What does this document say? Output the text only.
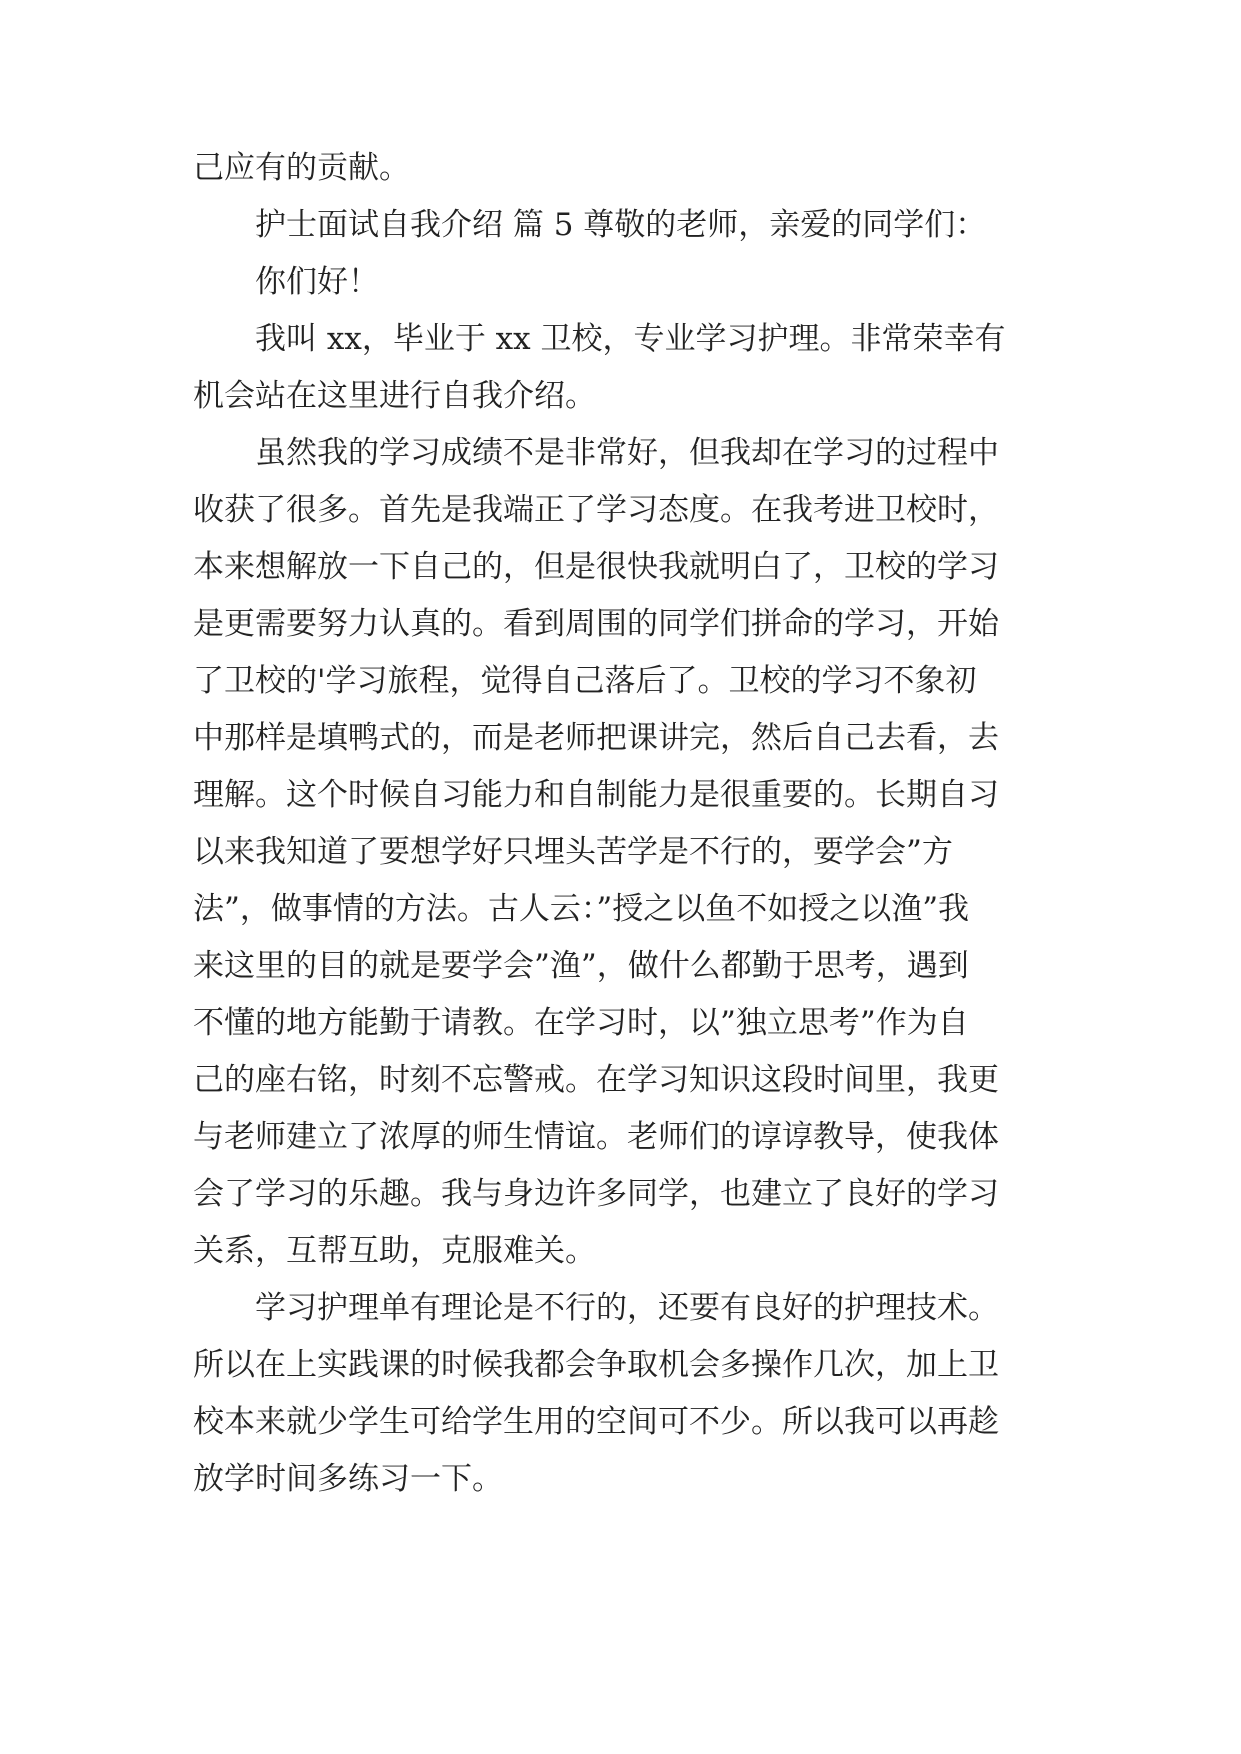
己应有的贡献。
护士面试自我介绍 篇 5 尊敬的老师，亲爱的同学们：
你们好！
我叫 xx，毕业于 xx 卫校，专业学习护理。非常荣幸有
机会站在这里进行自我介绍。
虽然我的学习成绩不是非常好，但我却在学习的过程中
收获了很多。首先是我端正了学习态度。在我考进卫校时，
本来想解放一下自己的，但是很快我就明白了，卫校的学习
是更需要努力认真的。看到周围的同学们拼命的学习，开始
了卫校的'学习旅程，觉得自己落后了。卫校的学习不象初
中那样是填鸭式的，而是老师把课讲完，然后自己去看，去
理解。这个时候自习能力和自制能力是很重要的。长期自习
以来我知道了要想学好只埋头苦学是不行的，要学会”方
法”，做事情的方法。古人云：”授之以鱼不如授之以渔”我
来这里的目的就是要学会”渔”，做什么都勤于思考，遇到
不懂的地方能勤于请教。在学习时，以”独立思考”作为自
己的座右铭，时刻不忘警戒。在学习知识这段时间里，我更
与老师建立了浓厚的师生情谊。老师们的谆谆教导，使我体
会了学习的乐趣。我与身边许多同学，也建立了良好的学习
关系，互帮互助，克服难关。
学习护理单有理论是不行的，还要有良好的护理技术。
所以在上实践课的时候我都会争取机会多操作几次，加上卫
校本来就少学生可给学生用的空间可不少。所以我可以再趁
放学时间多练习一下。
